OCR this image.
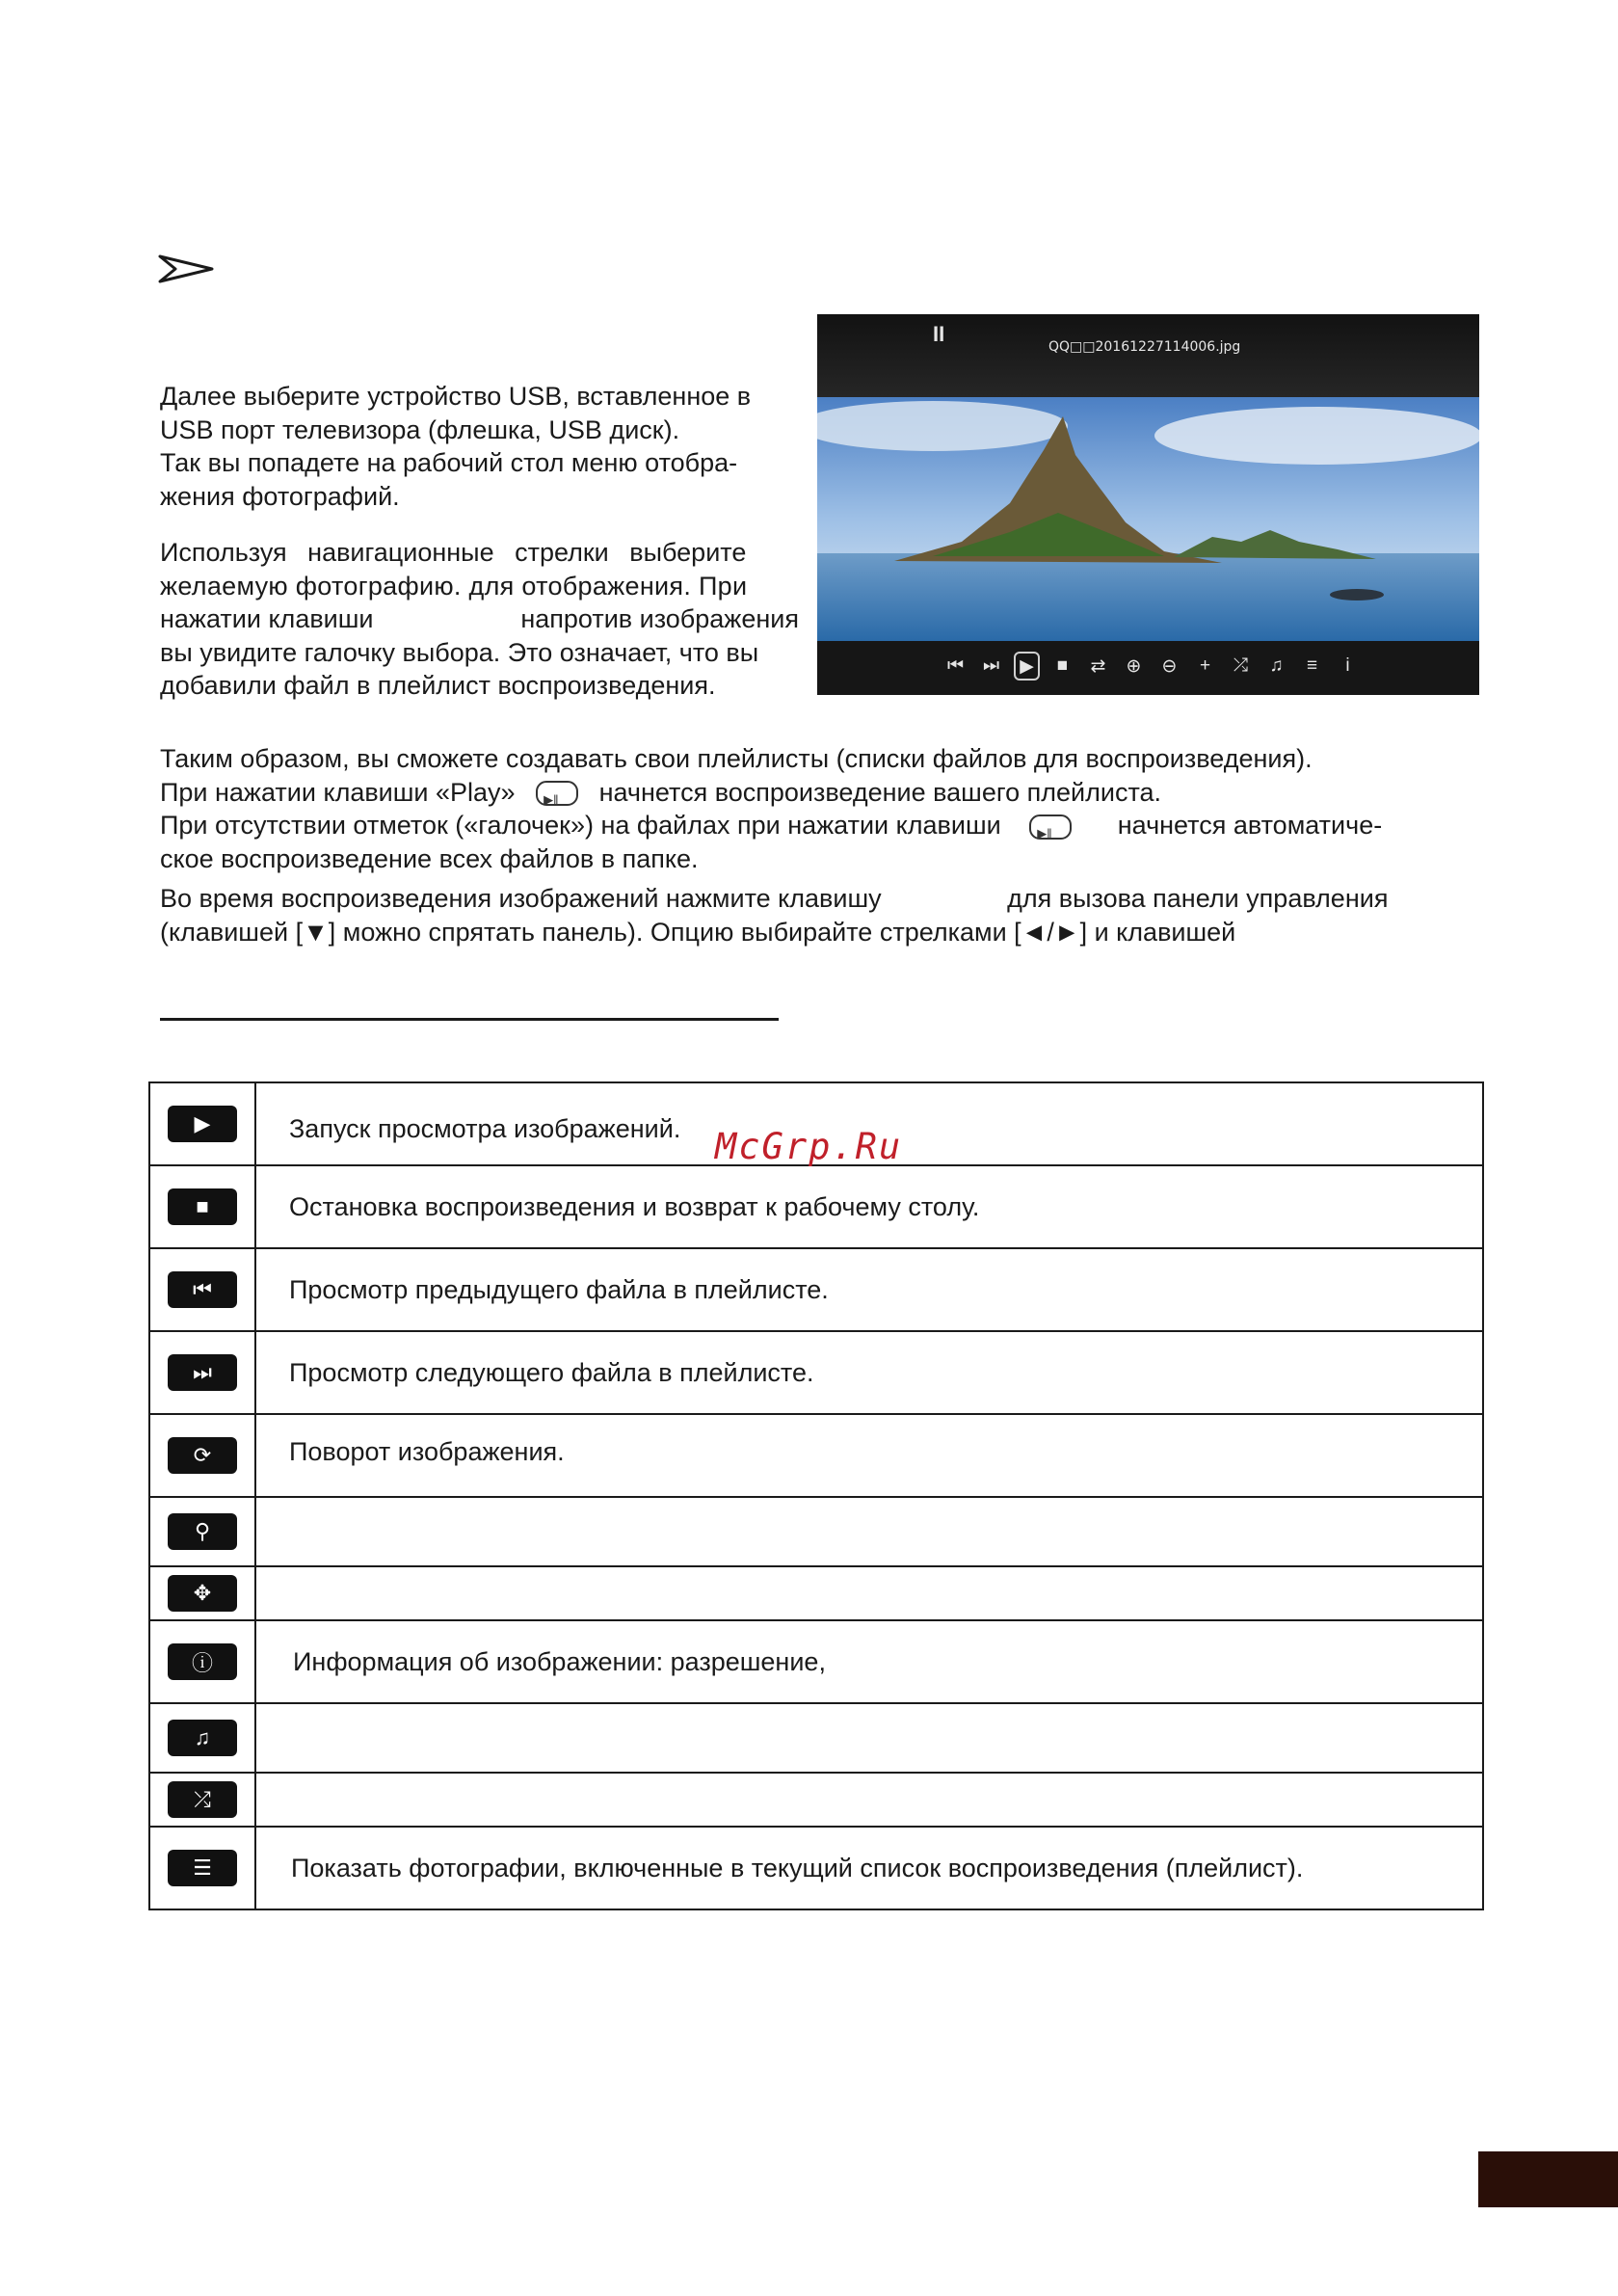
Далее выберите устройство USB, вставленное в
USB порт телевизора (флешка, USB диск).
Так вы попадете на рабочий стол меню отобра-
жения фотографий.

Используя навигационные стрелки выберите
желаемую фотографию. для отображения. При
нажатии клавиши	напротив изображения
вы увидите галочку выбора. Это означает, что вы
добавили файл в плейлист воспроизведения.
II
QQ□□20161227114006.jpg
⏮ ⏭	▶	■	⇄ ⊕ ⊖	+	⤮	♫	≡	i
Таким образом, вы сможете создавать свои плейлисты (списки файлов для воспроизведения).
При нажатии клавиши «Play» ▶‖	начнется воспроизведение вашего плейлиста.
При отсутствии отметок («галочек») на файлах при нажатии клавиши ▶‖	начнется автоматиче-
ское воспроизведение всех файлов в папке.
Во время воспроизведения изображений нажмите клавишу	для вызова панели управления
(клавишей [▼] можно спрятать панель). Опцию выбирайте стрелками [◄/►] и клавишей
▶	Запуск просмотра изображений.
■	Остановка воспроизведения и возврат к рабочему столу.
⏮	Просмотр предыдущего файла в плейлисте.
⏭	Просмотр следующего файла в плейлисте.
⟳	Поворот изображения.
⚲
✥
ⓘ	Информация об изображении: разрешение,
♫
⤮
☰	Показать фотографии, включенные в текущий список воспроизведения (плейлист).
McGrp.Ru
